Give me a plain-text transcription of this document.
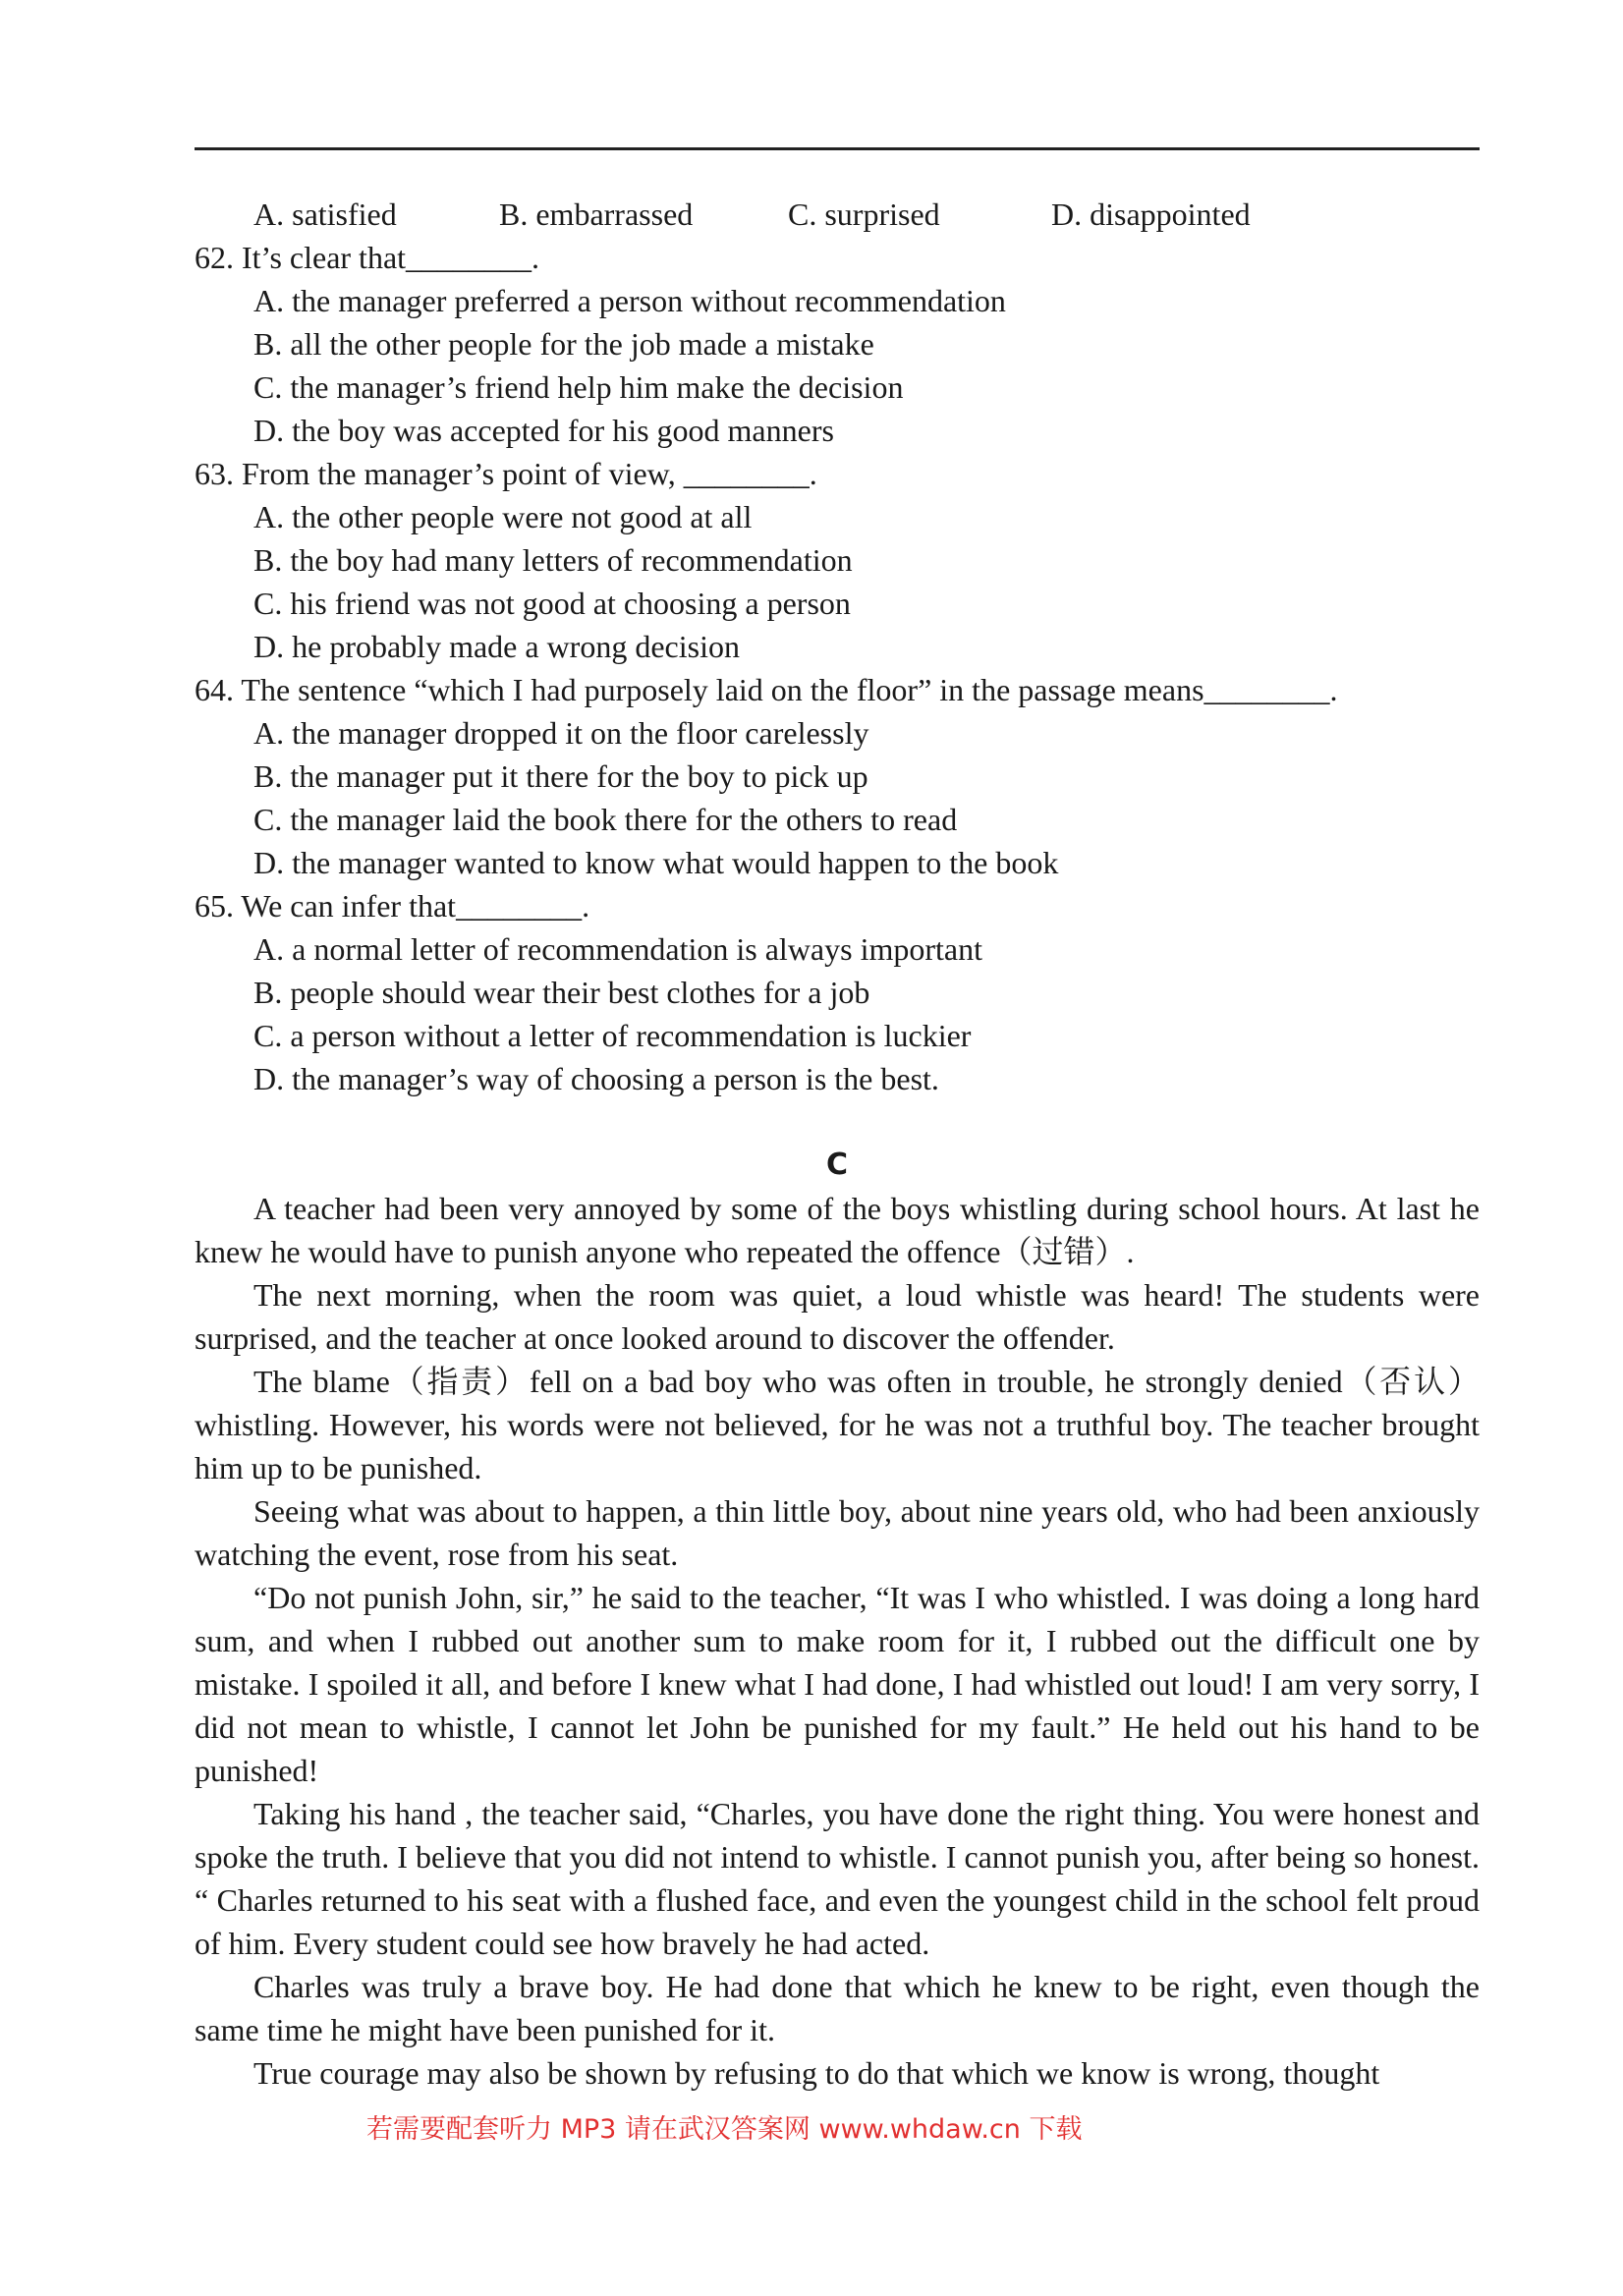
A. satisfied	B. embarrassed	C. surprised	D. disappointed
62. It’s clear that________.
A. the manager preferred a person without recommendation
B. all the other people for the job made a mistake
C. the manager’s friend help him make the decision
D. the boy was accepted for his good manners
63. From the manager’s point of view, ________.
A. the other people were not good at all
B. the boy had many letters of recommendation
C. his friend was not good at choosing a person
D. he probably made a wrong decision
64. The sentence “which I had purposely laid on the floor” in the passage means________.
A. the manager dropped it on the floor carelessly
B. the manager put it there for the boy to pick up
C. the manager laid the book there for the others to read
D. the manager wanted to know what would happen to the book
65. We can infer that________.
A. a normal letter of recommendation is always important
B. people should wear their best clothes for a job
C. a person without a letter of recommendation is luckier
D. the manager’s way of choosing a person is the best.
C

A teacher had been very annoyed by some of the boys whistling during school hours. At last he knew he would have to punish anyone who repeated the offence（过错）.

The next morning, when the room was quiet, a loud whistle was heard! The students were surprised, and the teacher at once looked around to discover the offender.

The blame（指责）fell on a bad boy who was often in trouble, he strongly denied（否认）whistling. However, his words were not believed, for he was not a truthful boy. The teacher brought him up to be punished.

Seeing what was about to happen, a thin little boy, about nine years old, who had been anxiously watching the event, rose from his seat.

“Do not punish John, sir,” he said to the teacher, “It was I who whistled. I was doing a long hard sum, and when I rubbed out another sum to make room for it, I rubbed out the difficult one by mistake. I spoiled it all, and before I knew what I had done, I had whistled out loud! I am very sorry, I did not mean to whistle, I cannot let John be punished for my fault.” He held out his hand to be punished!

Taking his hand , the teacher said, “Charles, you have done the right thing. You were honest and spoke the truth. I believe that you did not intend to whistle. I cannot punish you, after being so honest. “ Charles returned to his seat with a flushed face, and even the youngest child in the school felt proud of him. Every student could see how bravely he had acted.

Charles was truly a brave boy. He had done that which he knew to be right, even though the same time he might have been punished for it.

True courage may also be shown by refusing to do that which we know is wrong, thought

若需要配套听力 MP3 请在武汉答案网 www.whdaw.cn 下载
